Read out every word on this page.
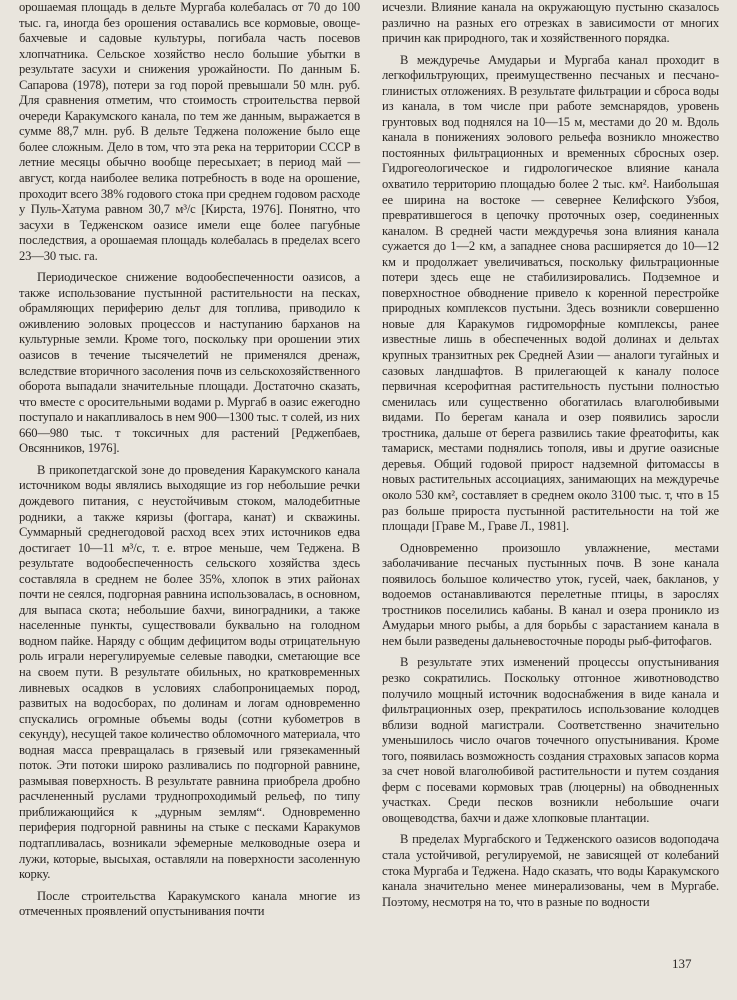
орошаемая площадь в дельте Мургаба колебалась от 70 до 100 тыс. га, иногда без орошения оставались все кормовые, овоще-бахчевые и садовые культуры, погибала часть посевов хлопчатника. Сельское хозяйство несло большие убытки в результате засухи и снижения урожайности. По данным Б. Сапарова (1978), потери за год порой превышали 50 млн. руб. Для сравнения отметим, что стоимость строительства первой очереди Каракумского канала, по тем же данным, выражается в сумме 88,7 млн. руб. В дельте Теджена положение было еще более сложным. Дело в том, что эта река на территории СССР в летние месяцы обычно вообще пересыхает; в период май — август, когда наиболее велика потребность в воде на орошение, проходит всего 38% годового стока при среднем годовом расходе у Пуль-Хатума равном 30,7 м³/с [Кирста, 1976]. Понятно, что засухи в Тедженском оазисе имели еще более пагубные последствия, а орошаемая площадь колебалась в пределах всего 23—30 тыс. га.

Периодическое снижение водообеспеченности оазисов, а также использование пустынной растительности на песках, обрамляющих периферию дельт для топлива, приводило к оживлению эоловых процессов и наступанию барханов на культурные земли. Кроме того, поскольку при орошении этих оазисов в течение тысячелетий не применялся дренаж, вследствие вторичного засоления почв из сельскохозяйственного оборота выпадали значительные площади. Достаточно сказать, что вместе с оросительными водами р. Мургаб в оазис ежегодно поступало и накапливалось в нем 900—1300 тыс. т солей, из них 660—980 тыс. т токсичных для растений [Реджепбаев, Овсянников, 1976].

В прикопетдагской зоне до проведения Каракумского канала источником воды являлись выходящие из гор небольшие речки дождевого питания, с неустойчивым стоком, малодебитные родники, а также кяризы (фоггара, канат) и скважины. Суммарный среднегодовой расход всех этих источников едва достигает 10—11 м³/с, т. е. втрое меньше, чем Теджена. В результате водообеспеченность сельского хозяйства здесь составляла в среднем не более 35%, хлопок в этих районах почти не сеялся, подгорная равнина использовалась, в основном, для выпаса скота; небольшие бахчи, виноградники, а также населенные пункты, существовали буквально на голодном водном пайке. Наряду с общим дефицитом воды отрицательную роль играли нерегулируемые селевые паводки, сметающие все на своем пути. В результате обильных, но кратковременных ливневых осадков в условиях слабопроницаемых пород, развитых на водосборах, по долинам и логам одновременно спускались огромные объемы воды (сотни кубометров в секунду), несущей такое количество обломочного материала, что водная масса превращалась в грязевый или грязекаменный поток. Эти потоки широко разливались по подгорной равнине, размывая поверхность. В результате равнина приобрела дробно расчлененный руслами труднопроходимый рельеф, по типу приближающийся к „дурным землям“. Одновременно периферия подгорной равнины на стыке с песками Каракумов подтапливалась, возникали эфемерные мелководные озера и лужи, которые, высыхая, оставляли на поверхности засоленную корку.

После строительства Каракумского канала многие из отмеченных проявлений опустынивания почти

исчезли. Влияние канала на окружающую пустыню сказалось различно на разных его отрезках в зависимости от многих причин как природного, так и хозяйственного порядка.

В междуречье Амударьи и Мургаба канал проходит в легкофильтрующих, преимущественно песчаных и песчано-глинистых отложениях. В результате фильтрации и сброса воды из канала, в том числе при работе земснарядов, уровень грунтовых вод поднялся на 10—15 м, местами до 20 м. Вдоль канала в понижениях эолового рельефа возникло множество постоянных фильтрационных и временных сбросных озер. Гидрогеологическое и гидрологическое влияние канала охватило территорию площадью более 2 тыс. км². Наибольшая ее ширина на востоке — севернее Келифского Узбоя, превратившегося в цепочку проточных озер, соединенных каналом. В средней части междуречья зона влияния канала сужается до 1—2 км, а западнее снова расширяется до 10—12 км и продолжает увеличиваться, поскольку фильтрационные потери здесь еще не стабилизировались. Подземное и поверхностное обводнение привело к коренной перестройке природных комплексов пустыни. Здесь возникли совершенно новые для Каракумов гидроморфные комплексы, ранее известные лишь в обеспеченных водой долинах и дельтах крупных транзитных рек Средней Азии — аналоги тугайных и сазовых ландшафтов. В прилегающей к каналу полосе первичная ксерофитная растительность пустыни полностью сменилась или существенно обогатилась влаголюбивыми видами. По берегам канала и озер появились заросли тростника, дальше от берега развились такие фреатофиты, как тамариск, местами поднялись тополя, ивы и другие оазисные деревья. Общий годовой прирост надземной фитомассы в новых растительных ассоциациях, занимающих на междуречье около 530 км², составляет в среднем около 3100 тыс. т, что в 15 раз больше прироста пустынной растительности на той же площади [Граве М., Граве Л., 1981].

Одновременно произошло увлажнение, местами заболачивание песчаных пустынных почв. В зоне канала появилось большое количество уток, гусей, чаек, бакланов, у водоемов останавливаются перелетные птицы, в зарослях тростников поселились кабаны. В канал и озера проникло из Амударьи много рыбы, а для борьбы с зарастанием канала в нем были разведены дальневосточные породы рыб-фитофагов.

В результате этих изменений процессы опустынивания резко сократились. Поскольку отгонное животноводство получило мощный источник водоснабжения в виде канала и фильтрационных озер, прекратилось использование колодцев вблизи водной магистрали. Соответственно значительно уменьшилось число очагов точечного опустынивания. Кроме того, появилась возможность создания страховых запасов корма за счет новой влаголюбивой растительности и путем создания ферм с посевами кормовых трав (люцерны) на обводненных участках. Среди песков возникли небольшие очаги овощеводства, бахчи и даже хлопковые плантации.

В пределах Мургабского и Тедженского оазисов водоподача стала устойчивой, регулируемой, не зависящей от колебаний стока Мургаба и Теджена. Надо сказать, что воды Каракумского канала значительно менее минерализованы, чем в Мургабе. Поэтому, несмотря на то, что в разные по водности

137
